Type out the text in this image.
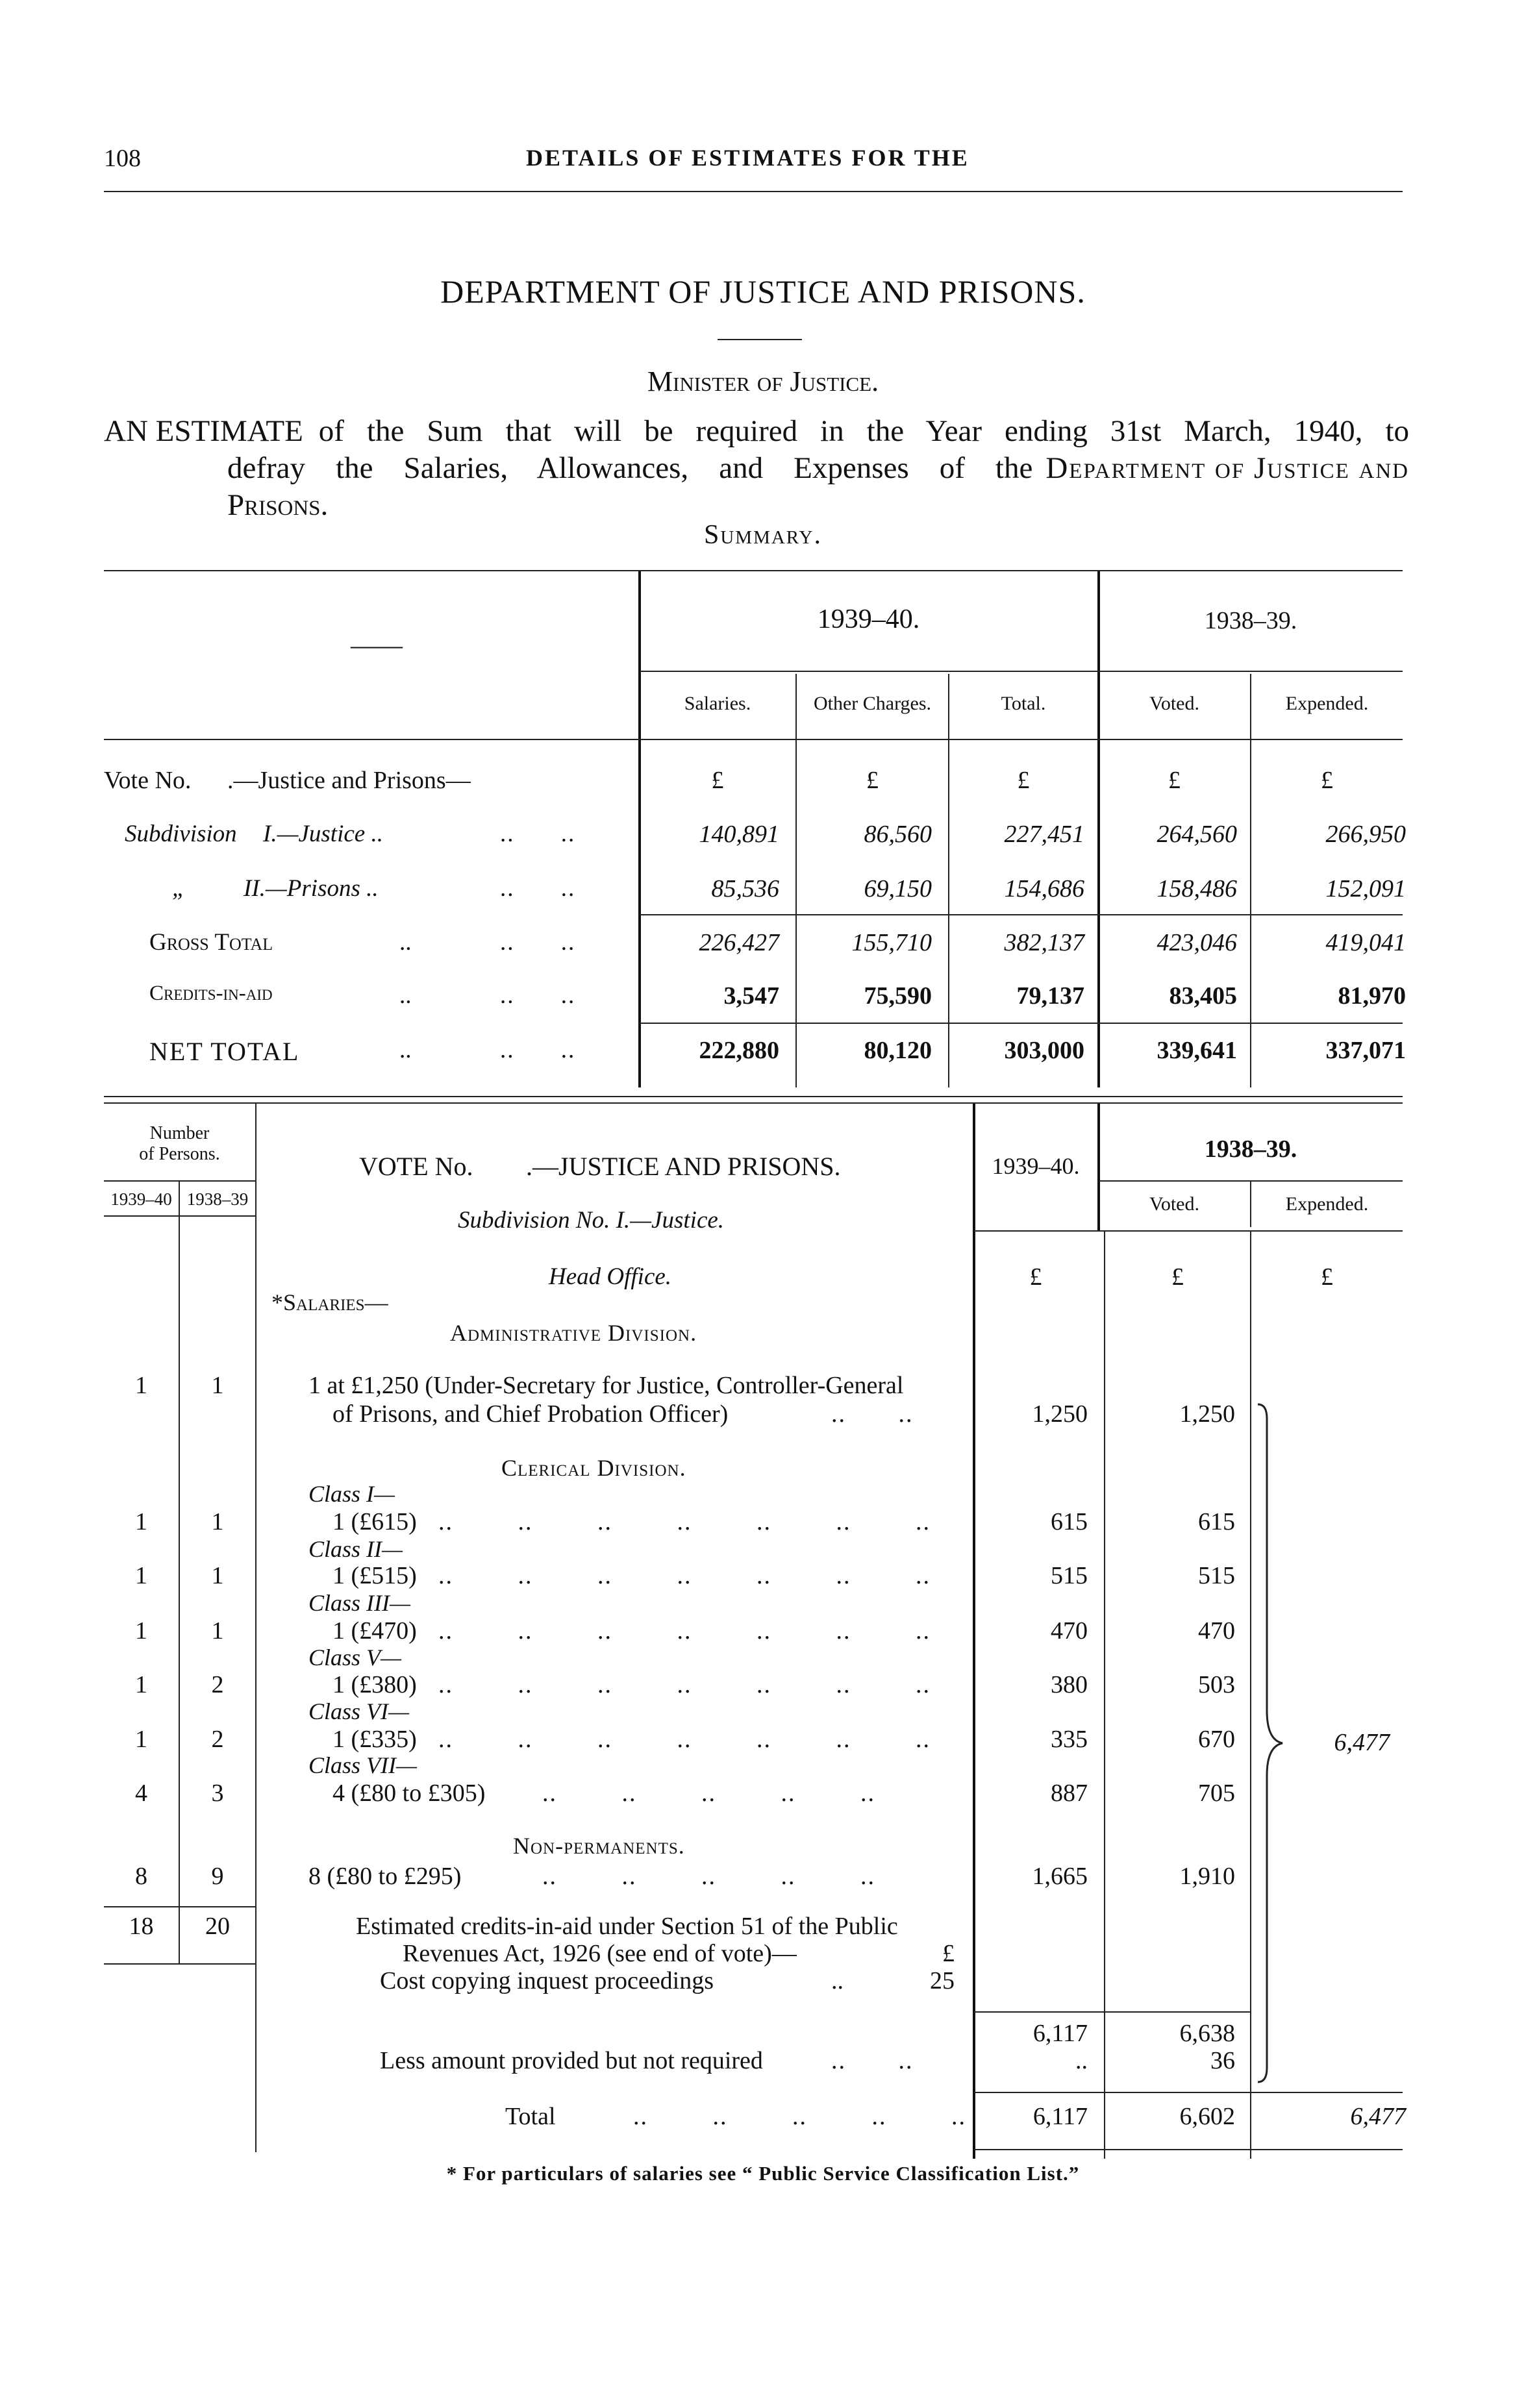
108	DETAILS OF ESTIMATES FOR THE
DEPARTMENT OF JUSTICE AND PRISONS.
Minister of Justice.
AN ESTIMATE of the Sum that will be required in the Year ending 31st March, 1940, to
defray the Salaries, Allowances, and Expenses of the Department of Justice and
Prisons.
Summary.
——
1939–40.	1938–39.
Salaries.	Other Charges.	Total.	Voted.	Expended.
£	£	£	£	£
Vote No. .—Justice and Prisons—
Subdivision I.—Justice ..	.. ..	140,891	86,560	227,451	264,560	266,950
„ II.—Prisons ..	.. ..	85,536	69,150	154,686	158,486	152,091
Gross Total	..	.. ..	226,427	155,710	382,137	423,046	419,041
Credits-in-aid	..	.. ..	3,547	75,590	79,137	83,405	81,970
NET TOTAL	..	.. ..	222,880	80,120	303,000	339,641	337,071
Number
of Persons.
1939–40 1938–39
VOTE No. .—JUSTICE AND PRISONS.
Subdivision No. I.—Justice.
1939–40.
1938–39.
Voted.	Expended.
£	£	£
Head Office.
*Salaries—
Administrative Division.
1	1	1 at £1,250 (Under-Secretary for Justice, Controller-General
of Prisons, and Chief Probation Officer)	..       ..	1,250	1,250
Clerical Division.
Class I—
1	1	1 (£615) .. .. .. .. .. .. ..	615	615
Class II—
1	1	1 (£515) .. .. .. .. .. .. ..	515	515
Class III—
1	1	1 (£470) .. .. .. .. .. .. ..	470	470
Class V—
1	2	1 (£380) .. .. .. .. .. .. ..	380	503
Class VI—
1	2	1 (£335) .. .. .. .. .. .. ..	335	670
Class VII—
4	3	4 (£80 to £305) .. .. .. .. ..	887	705
Non-permanents.
8	9	8 (£80 to £295)	.. .. .. .. ..	1,665	1,910
6,477
18	20	Estimated credits-in-aid under Section 51 of the Public
Revenues Act, 1926 (see end of vote)—	£
Cost copying inquest proceedings	..	25
6,117	6,638
Less amount provided but not required	..       ..	..	36
Total	.. .. .. .. ..	6,117	6,602	6,477
* For particulars of salaries see “ Public Service Classification List.”
